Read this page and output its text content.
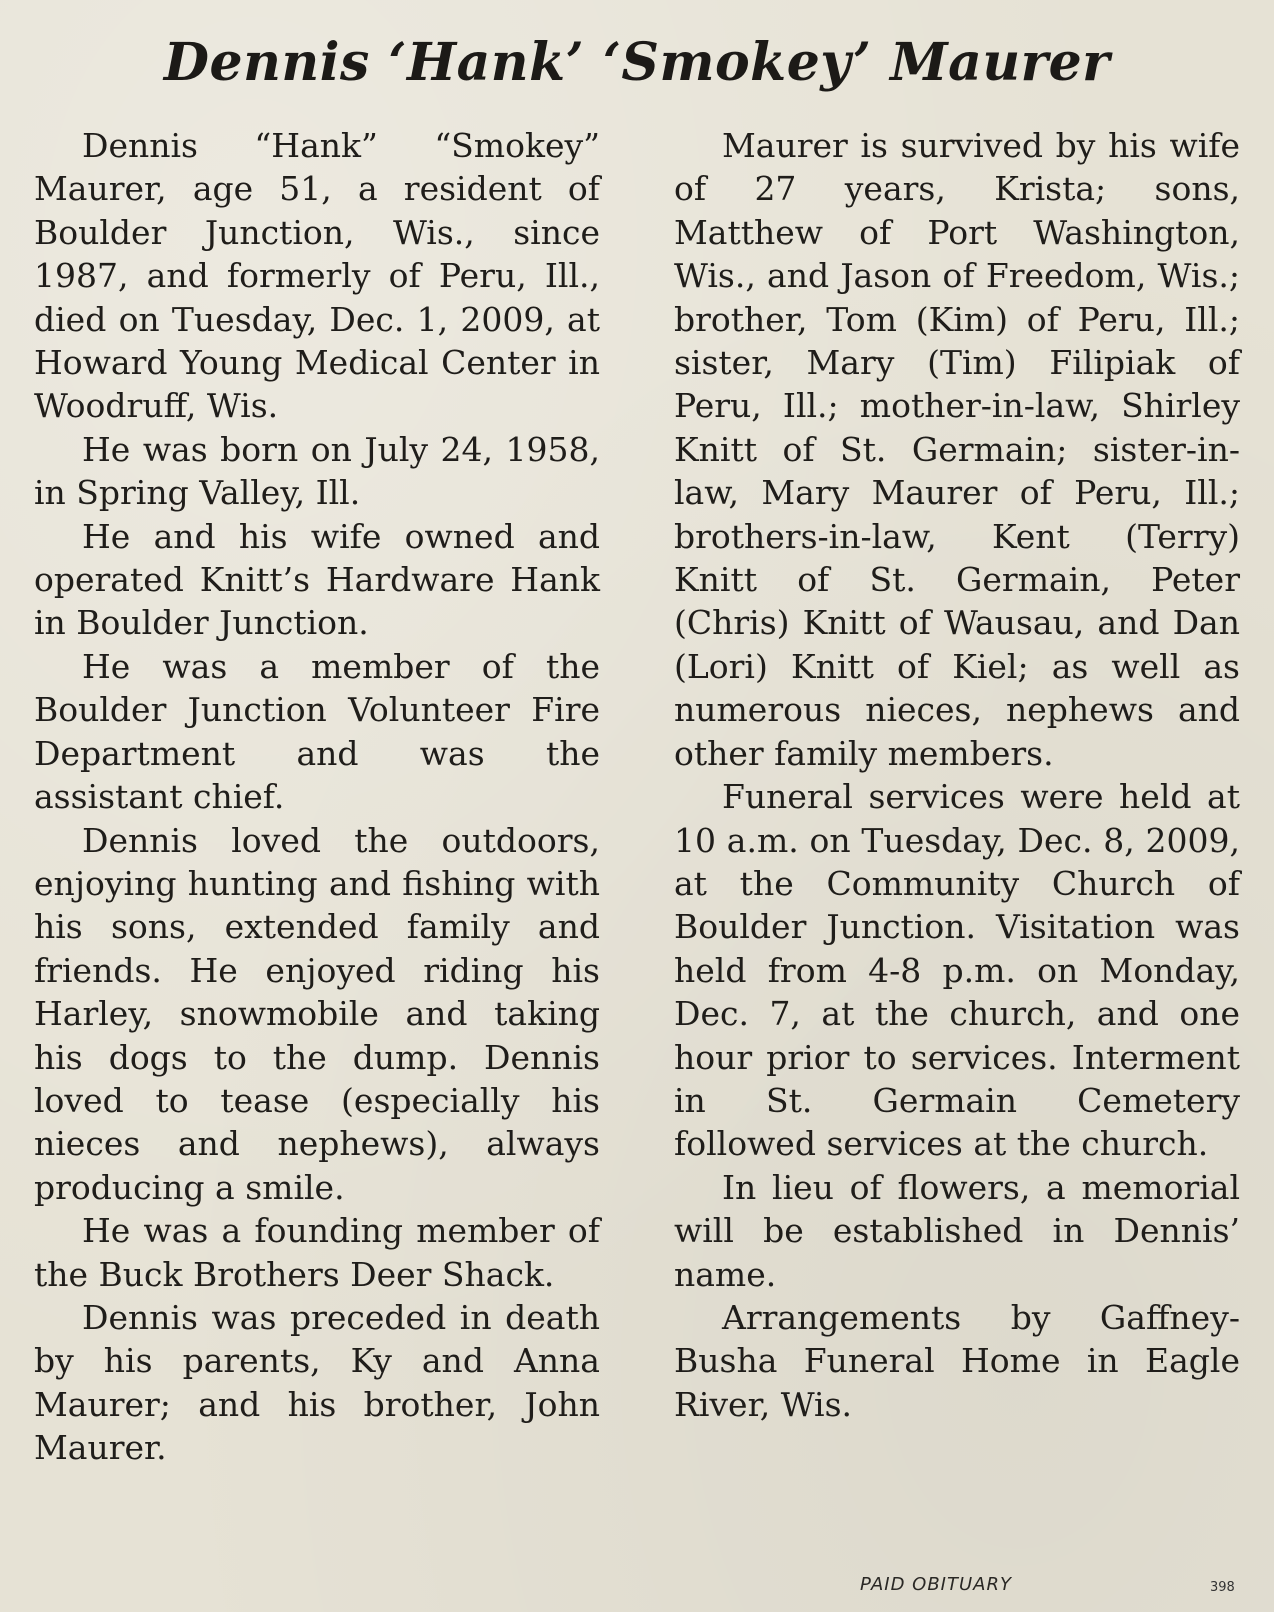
Dennis ‘Hank’ ‘Smokey’ Maurer

Dennis “Hank” “Smokey” Maurer, age 51, a resident of Boulder Junction, Wis., since 1987, and formerly of Peru, Ill., died on Tuesday, Dec. 1, 2009, at Howard Young Medical Center in Woodruff, Wis.

He was born on July 24, 1958, in Spring Valley, Ill.

He and his wife owned and operated Knitt’s Hardware Hank in Boulder Junction.

He was a member of the Boulder Junction Volunteer Fire Department and was the assistant chief.

Dennis loved the outdoors, enjoying hunting and fishing with his sons, extended family and friends. He enjoyed riding his Harley, snowmobile and taking his dogs to the dump. Dennis loved to tease (especially his nieces and nephews), always producing a smile.

He was a founding member of the Buck Brothers Deer Shack.

Dennis was preceded in death by his parents, Ky and Anna Maurer; and his brother, John Maurer.

Maurer is survived by his wife of 27 years, Krista; sons, Matthew of Port Washington, Wis., and Jason of Freedom, Wis.; brother, Tom (Kim) of Peru, Ill.; sister, Mary (Tim) Filipiak of Peru, Ill.; mother-in-law, Shirley Knitt of St. Germain; sister-in-law, Mary Maurer of Peru, Ill.; brothers-in-law, Kent (Terry) Knitt of St. Germain, Peter (Chris) Knitt of Wausau, and Dan (Lori) Knitt of Kiel; as well as numerous nieces, nephews and other family members.

Funeral services were held at 10 a.m. on Tuesday, Dec. 8, 2009, at the Community Church of Boulder Junction. Visitation was held from 4-8 p.m. on Monday, Dec. 7, at the church, and one hour prior to services. Interment in St. Germain Cemetery followed services at the church.

In lieu of flowers, a memorial will be established in Dennis’ name.

Arrangements by Gaffney-Busha Funeral Home in Eagle River, Wis.

PAID OBITUARY	398
